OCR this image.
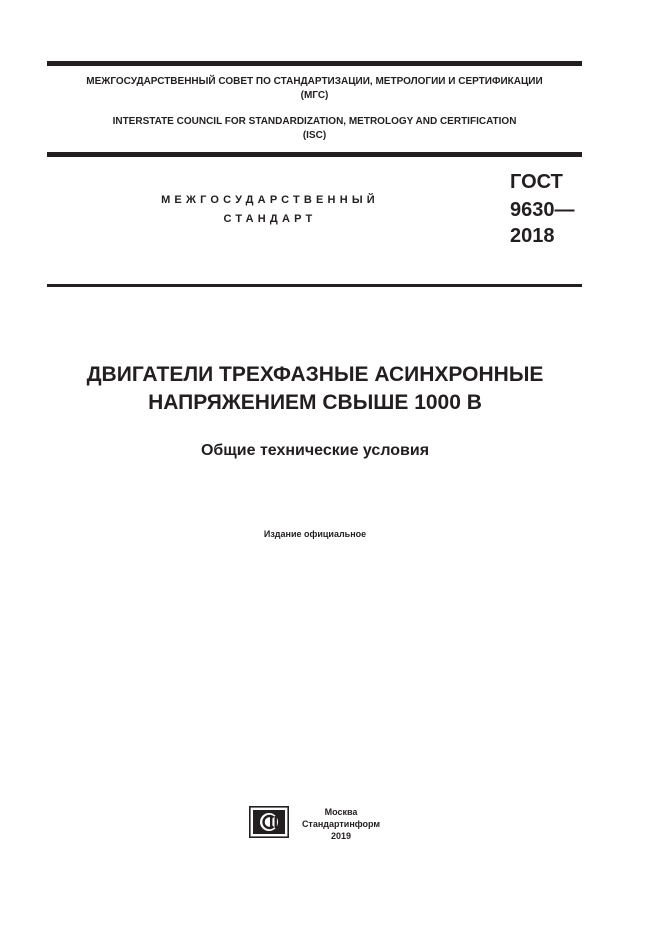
МЕЖГОСУДАРСТВЕННЫЙ СОВЕТ ПО СТАНДАРТИЗАЦИИ, МЕТРОЛОГИИ И СЕРТИФИКАЦИИ
(МГС)
INTERSTATE COUNCIL FOR STANDARDIZATION, METROLOGY AND CERTIFICATION
(ISC)
МЕЖГОСУДАРСТВЕННЫЙ
СТАНДАРТ
ГОСТ
9630—
2018
ДВИГАТЕЛИ ТРЕХФАЗНЫЕ АСИНХРОННЫЕ
НАПРЯЖЕНИЕМ СВЫШЕ 1000 В
Общие технические условия
Издание официальное
Москва
Стандартинформ
2019
